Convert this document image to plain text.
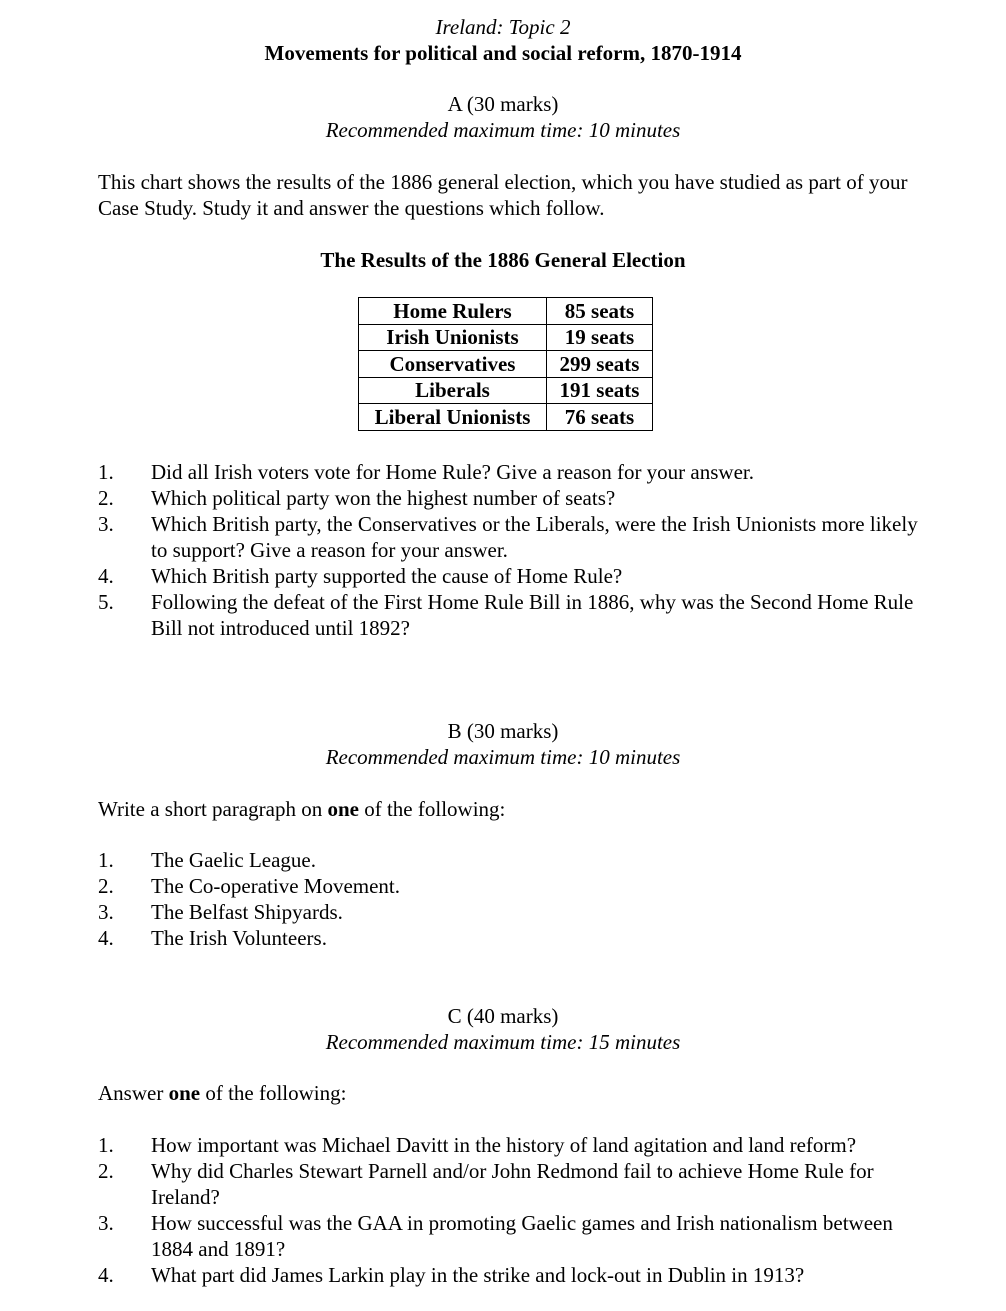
Ireland: Topic 2
Movements for political and social reform, 1870-1914
A (30 marks)
Recommended maximum time: 10 minutes
This chart shows the results of the 1886 general election, which you have studied as part of your Case Study. Study it and answer the questions which follow.
The Results of the 1886 General Election
Home Rulers	85 seats
Irish Unionists	19 seats
Conservatives	299 seats
Liberals	191 seats
Liberal Unionists	76 seats
1.	Did all Irish voters vote for Home Rule? Give a reason for your answer.
2.	Which political party won the highest number of seats?
3.	Which British party, the Conservatives or the Liberals, were the Irish Unionists more likely to support? Give a reason for your answer.
4.	Which British party supported the cause of Home Rule?
5.	Following the defeat of the First Home Rule Bill in 1886, why was the Second Home Rule Bill not introduced until 1892?
B (30 marks)
Recommended maximum time: 10 minutes
Write a short paragraph on one of the following:
1.	The Gaelic League.
2.	The Co-operative Movement.
3.	The Belfast Shipyards.
4.	The Irish Volunteers.
C (40 marks)
Recommended maximum time: 15 minutes
Answer one of the following:
1.	How important was Michael Davitt in the history of land agitation and land reform?
2.	Why did Charles Stewart Parnell and/or John Redmond fail to achieve Home Rule for Ireland?
3.	How successful was the GAA in promoting Gaelic games and Irish nationalism between 1884 and 1891?
4.	What part did James Larkin play in the strike and lock-out in Dublin in 1913?
